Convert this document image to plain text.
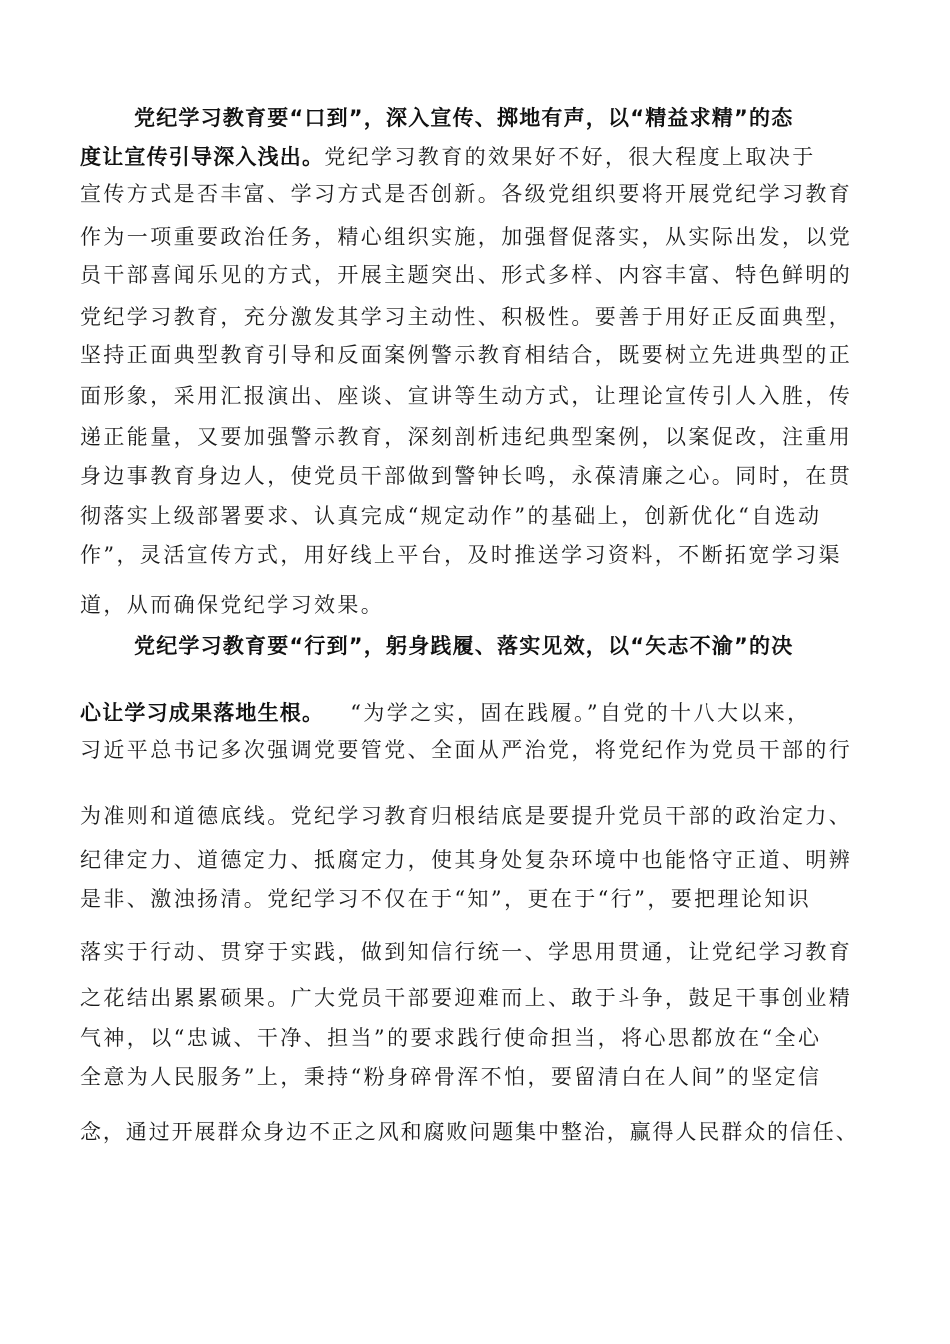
党纪学习教育要“口到”，深入宣传、掷地有声，以“精益求精”的态
度让宣传引导深入浅出。党纪学习教育的效果好不好，很大程度上取决于
宣传方式是否丰富、学习方式是否创新。各级党组织要将开展党纪学习教育
作为一项重要政治任务，精心组织实施，加强督促落实，从实际出发，以党
员干部喜闻乐见的方式，开展主题突出、形式多样、内容丰富、特色鲜明的
党纪学习教育，充分激发其学习主动性、积极性。要善于用好正反面典型，
坚持正面典型教育引导和反面案例警示教育相结合，既要树立先进典型的正
面形象，采用汇报演出、座谈、宣讲等生动方式，让理论宣传引人入胜，传
递正能量，又要加强警示教育，深刻剖析违纪典型案例，以案促改，注重用
身边事教育身边人，使党员干部做到警钟长鸣，永葆清廉之心。同时，在贯
彻落实上级部署要求、认真完成“规定动作”的基础上，创新优化“自选动
作”，灵活宣传方式，用好线上平台，及时推送学习资料，不断拓宽学习渠
道，从而确保党纪学习效果。
党纪学习教育要“行到”，躬身践履、落实见效，以“矢志不渝”的决
心让学习成果落地生根。 “为学之实，固在践履。”自党的十八大以来，
习近平总书记多次强调党要管党、全面从严治党，将党纪作为党员干部的行
为准则和道德底线。党纪学习教育归根结底是要提升党员干部的政治定力、
纪律定力、道德定力、抵腐定力，使其身处复杂环境中也能恪守正道、明辨
是非、激浊扬清。党纪学习不仅在于“知”，更在于“行”，要把理论知识
落实于行动、贯穿于实践，做到知信行统一、学思用贯通，让党纪学习教育
之花结出累累硕果。广大党员干部要迎难而上、敢于斗争，鼓足干事创业精
气神，以“忠诚、干净、担当”的要求践行使命担当，将心思都放在“全心
全意为人民服务”上，秉持“粉身碎骨浑不怕，要留清白在人间”的坚定信
念，通过开展群众身边不正之风和腐败问题集中整治，赢得人民群众的信任、
